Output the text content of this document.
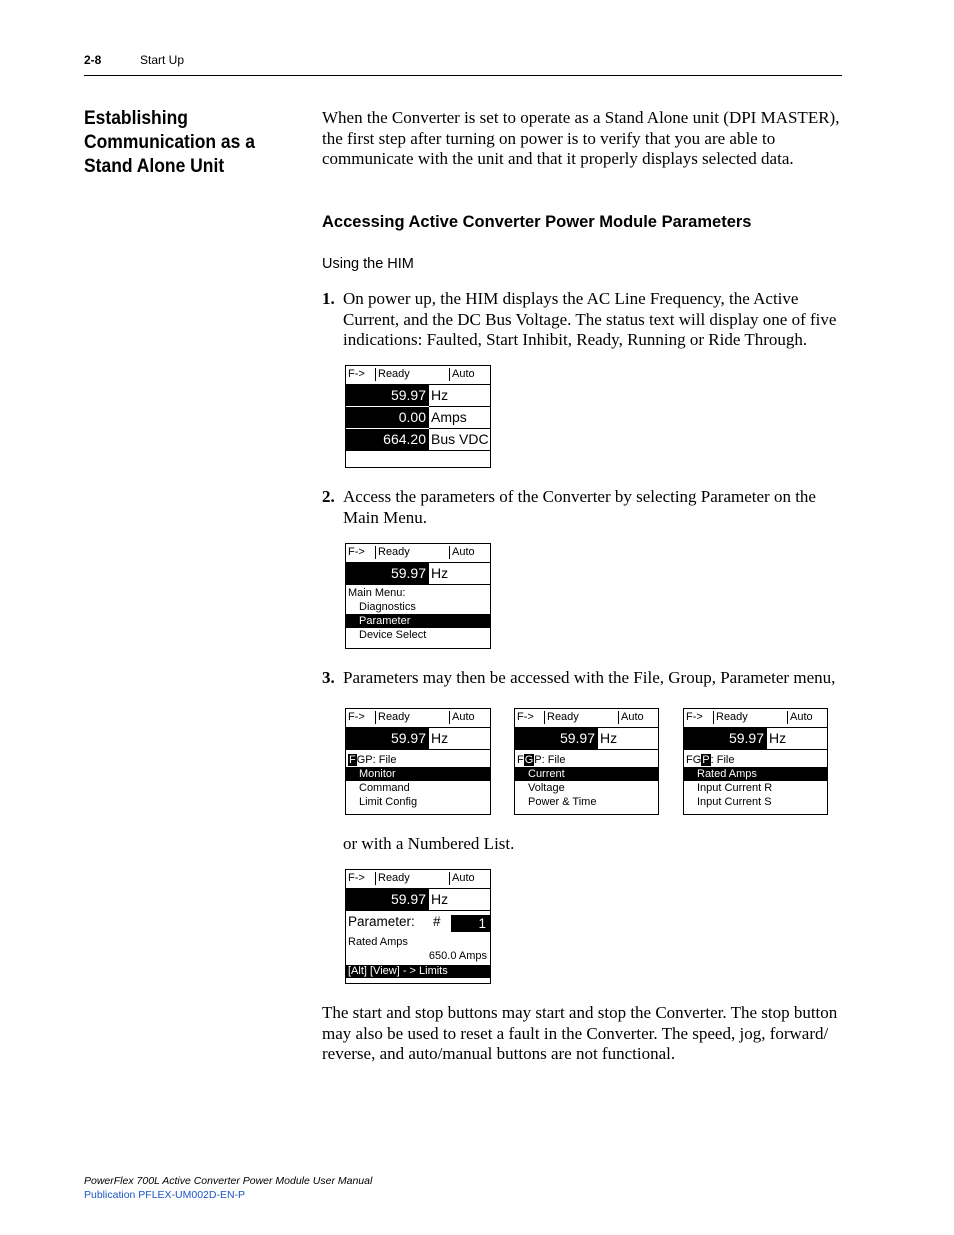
2-8	Start Up
Establishing Communication as a Stand Alone Unit
When the Converter is set to operate as a Stand Alone unit (DPI MASTER), the first step after turning on power is to verify that you are able to communicate with the unit and that it properly displays selected data.
Accessing Active Converter Power Module Parameters
Using the HIM
1. On power up, the HIM displays the AC Line Frequency, the Active Current, and the DC Bus Voltage. The status text will display one of five indications: Faulted, Start Inhibit, Ready, Running or Ride Through.
F-> Ready	Auto
59.97 Hz
0.00 Amps
664.20 Bus VDC
2. Access the parameters of the Converter by selecting Parameter on the Main Menu.
F-> Ready	Auto
59.97 Hz
Main Menu:
Diagnostics
Parameter
Device Select
3. Parameters may then be accessed with the File, Group, Parameter menu,
F-> Ready	Auto
59.97 Hz
FGP: File
Monitor
Command
Limit Config
F-> Ready	Auto
59.97 Hz
FGP: File
Current
Voltage
Power & Time
F-> Ready	Auto
59.97 Hz
FGP: File
Rated Amps
Input Current R
Input Current S
or with a Numbered List.
F-> Ready	Auto
59.97 Hz
Parameter: #	1
Rated Amps
650.0 Amps
[Alt] [View] - > Limits
The start and stop buttons may start and stop the Converter. The stop button may also be used to reset a fault in the Converter. The speed, jog, forward/ reverse, and auto/manual buttons are not functional.
PowerFlex 700L Active Converter Power Module User Manual
Publication PFLEX-UM002D-EN-P
